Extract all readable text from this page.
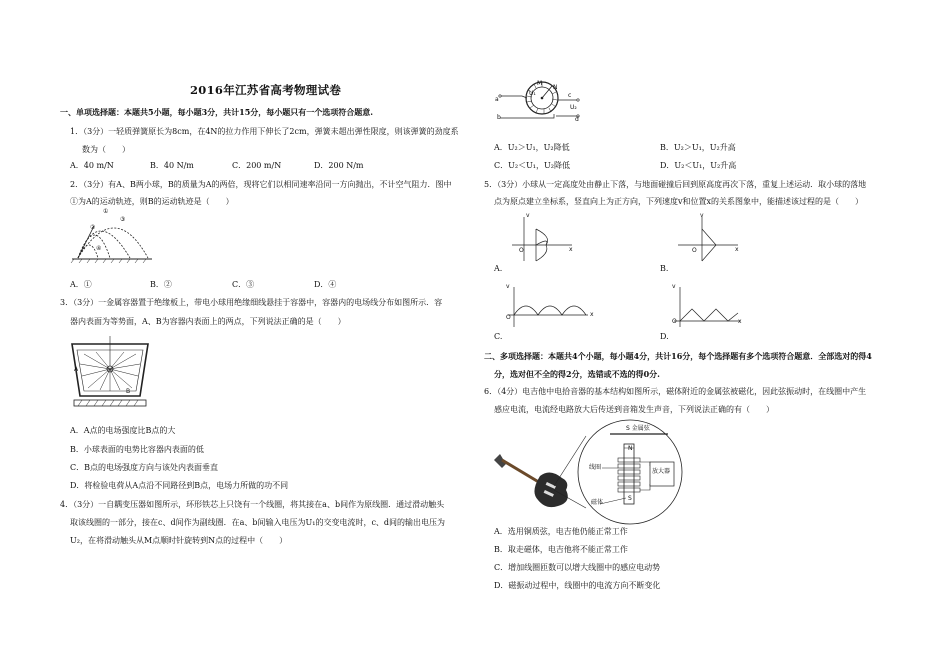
2016年江苏省高考物理试卷
一、单项选择题：本题共5小题，每小题3分，共计15分，每小题只有一个选项符合题意.
1．（3分）一轻质弹簧原长为8cm，在4N的拉力作用下伸长了2cm，弹簧未超出弹性限度，则该弹簧的劲度系
数为（　　）
A．40 m/N	B．40 N/m	C．200 m/N	D．200 N/m
2．（3分）有A、B两小球，B的质量为A的两倍，现将它们以相同速率沿同一方向抛出，不计空气阻力．图中
①为A的运动轨迹，则B的运动轨迹是（　　）
①
②
③
④
A．①	B．②	C．③	D．④
3．（3分）一金属容器置于绝缘板上，带电小球用绝缘细线悬挂于容器中，容器内的电场线分布如图所示．容
器内表面为等势面，A、B为容器内表面上的两点，下列说法正确的是（　　）
A
B
A．A点的电场强度比B点的大
B．小球表面的电势比容器内表面的低
C．B点的电场强度方向与该处内表面垂直
D．将检验电荷从A点沿不同路径到B点，电场力所做的功不同
4．（3分）一自耦变压器如图所示，环形铁芯上只饶有一个线圈，将其接在a、b间作为原线圈．通过滑动触头
取该线圈的一部分，接在c、d间作为副线圈．在a、b间输入电压为U₁的交变电流时，c、d间的输出电压为
U₂，在将滑动触头从M点顺时针旋转到N点的过程中（　　）
a
b
c
d
M
N
U₁
U₂
A．U₂＞U₁，U₂降低	B．U₂＞U₁，U₂升高
C．U₂＜U₁，U₂降低	D．U₂＜U₁，U₂升高
5．（3分）小球从一定高度处由静止下落，与地面碰撞后回到原高度再次下落，重复上述运动．取小球的落地
点为原点建立坐标系，竖直向上为正方向，下列速度v和位置x的关系图象中，能描述该过程的是（　　）
v
x
O
A.
v
x
O
B.
v
x
O
C.
v
x
O
D.
二、多项选择题：本题共4个小题，每小题4分，共计16分，每个选择题有多个选项符合题意．全部选对的得4
分，选对但不全的得2分，选错或不选的得0分.
6．（4分）电吉他中电拾音器的基本结构如图所示，磁体附近的金属弦被磁化，因此弦振动时，在线圈中产生
感应电流，电流经电路放大后传送到音箱发生声音，下列说法正确的有（　　）
S 金属弦
N
S
线圈
磁体
放大器
A．选用铜质弦，电吉他仍能正常工作
B．取走磁体，电吉他将不能正常工作
C．增加线圈匝数可以增大线圈中的感应电动势
D．磁振动过程中，线圈中的电流方向不断变化
